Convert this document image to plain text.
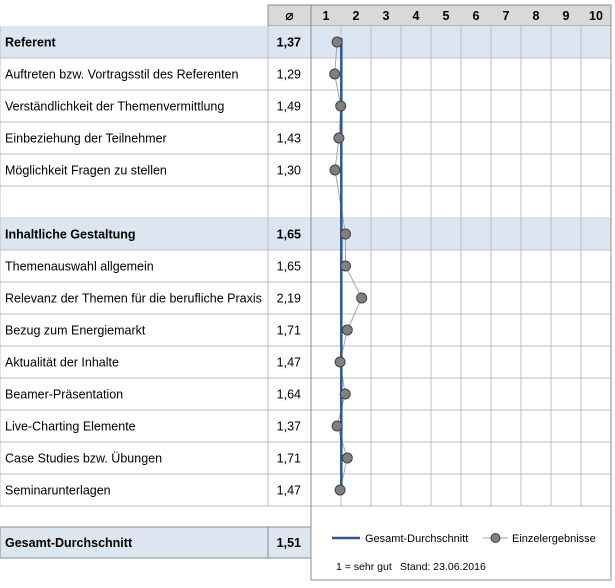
⌀ 1 2 3 4 5 6 7 8 9 10
Referent	1,37
Auftreten bzw. Vortragsstil des Referenten	1,29
Verständlichkeit der Themenvermittlung	1,49
Einbeziehung der Teilnehmer	1,43
Möglichkeit Fragen zu stellen	1,30
Inhaltliche Gestaltung	1,65
Themenauswahl allgemein	1,65
Relevanz der Themen für die berufliche Praxis 2,19
Bezug zum Energiemarkt	1,71
Aktualität der Inhalte	1,47
Beamer-Präsentation	1,64
Live-Charting Elemente	1,37
Case Studies bzw. Übungen	1,71
Seminarunterlagen	1,47
Gesamt-Durchschnitt	1,51	Gesamt-Durchschnitt	Einzelergebnisse
1 = sehr gut Stand: 23.06.2016
